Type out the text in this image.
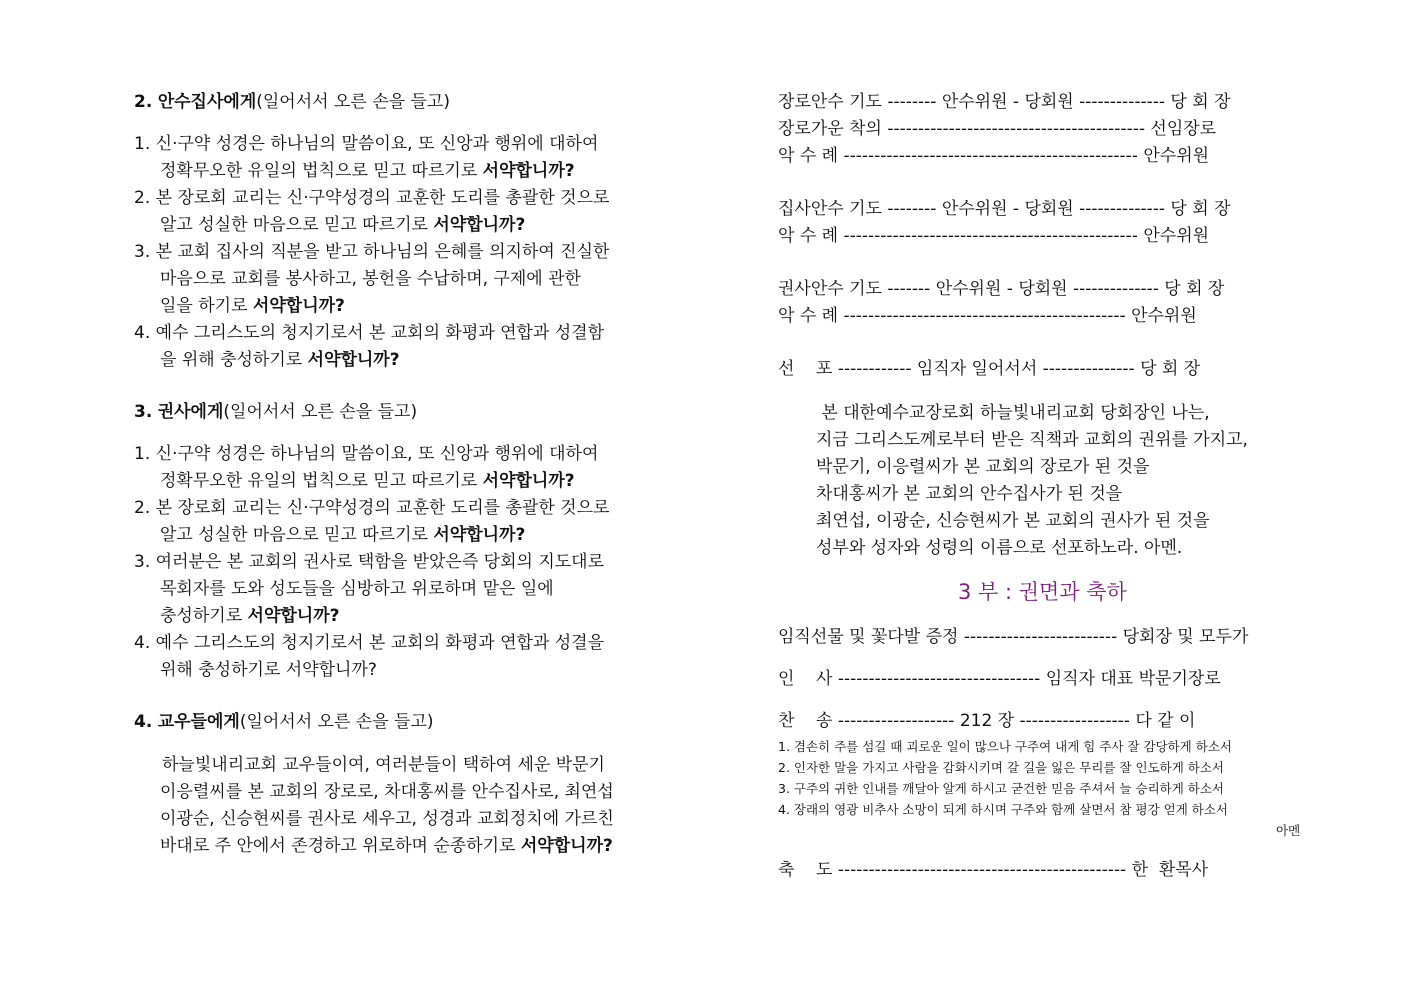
2. 안수집사에게(일어서서 오른 손을 들고)
1. 신·구약 성경은 하나님의 말씀이요, 또 신앙과 행위에 대하여
정확무오한 유일의 법칙으로 믿고 따르기로 서약합니까?
2. 본 장로회 교리는 신·구약성경의 교훈한 도리를 총괄한 것으로
알고 성실한 마음으로 믿고 따르기로 서약합니까?
3. 본 교회 집사의 직분을 받고 하나님의 은혜를 의지하여 진실한
마음으로 교회를 봉사하고, 봉헌을 수납하며, 구제에 관한
일을 하기로 서약합니까?
4. 예수 그리스도의 청지기로서 본 교회의 화평과 연합과 성결함
을 위해 충성하기로 서약합니까?
3. 권사에게(일어서서 오른 손을 들고)
1. 신·구약 성경은 하나님의 말씀이요, 또 신앙과 행위에 대하여
정확무오한 유일의 법칙으로 믿고 따르기로 서약합니까?
2. 본 장로회 교리는 신·구약성경의 교훈한 도리를 총괄한 것으로
알고 성실한 마음으로 믿고 따르기로 서약합니까?
3. 여러분은 본 교회의 권사로 택함을 받았은즉 당회의 지도대로
목회자를 도와 성도들을 심방하고 위로하며 맡은 일에
충성하기로 서약합니까?
4. 예수 그리스도의 청지기로서 본 교회의 화평과 연합과 성결을
위해 충성하기로 서약합니까?
4. 교우들에게(일어서서 오른 손을 들고)
하늘빛내리교회 교우들이여, 여러분들이 택하여 세운 박문기
이응렬씨를 본 교회의 장로로, 차대홍씨를 안수집사로, 최연섭
이광순, 신승현씨를 권사로 세우고, 성경과 교회정치에 가르친
바대로 주 안에서 존경하고 위로하며 순종하기로 서약합니까?
장로안수 기도 -------- 안수위원 - 당회원 -------------- 당 회 장
장로가운 착의 ------------------------------------------ 선임장로
악 수 례 ------------------------------------------------ 안수위원
집사안수 기도 -------- 안수위원 - 당회원 -------------- 당 회 장
악 수 례 ------------------------------------------------ 안수위원
권사안수 기도 ------- 안수위원 - 당회원 -------------- 당 회 장
악 수 례 ---------------------------------------------- 안수위원
선    포 ------------ 임직자 일어서서 --------------- 당 회 장
본 대한예수교장로회 하늘빛내리교회 당회장인 나는,
지금 그리스도께로부터 받은 직책과 교회의 권위를 가지고,
박문기, 이응렬씨가 본 교회의 장로가 된 것을
차대홍씨가 본 교회의 안수집사가 된 것을
최연섭, 이광순, 신승현씨가 본 교회의 권사가 된 것을
성부와 성자와 성령의 이름으로 선포하노라. 아멘.
3 부 : 권면과 축하
임직선물 및 꽃다발 증정 ------------------------- 당회장 및 모두가
인    사 --------------------------------- 임직자 대표 박문기장로
찬    송 ------------------- 212 장 ------------------ 다 같 이
1. 겸손히 주를 섬길 때 괴로운 일이 많으나 구주여 내게 힘 주사 잘 감당하게 하소서
2. 인자한 말을 가지고 사람을 감화시키며 갈 길을 잃은 무리를 잘 인도하게 하소서
3. 구주의 귀한 인내를 깨달아 알게 하시고 굳건한 믿음 주셔서 늘 승리하게 하소서
4. 장래의 영광 비추사 소망이 되게 하시며 구주와 함께 살면서 참 평강 얻게 하소서
아멘
축    도 ----------------------------------------------- 한  환목사
